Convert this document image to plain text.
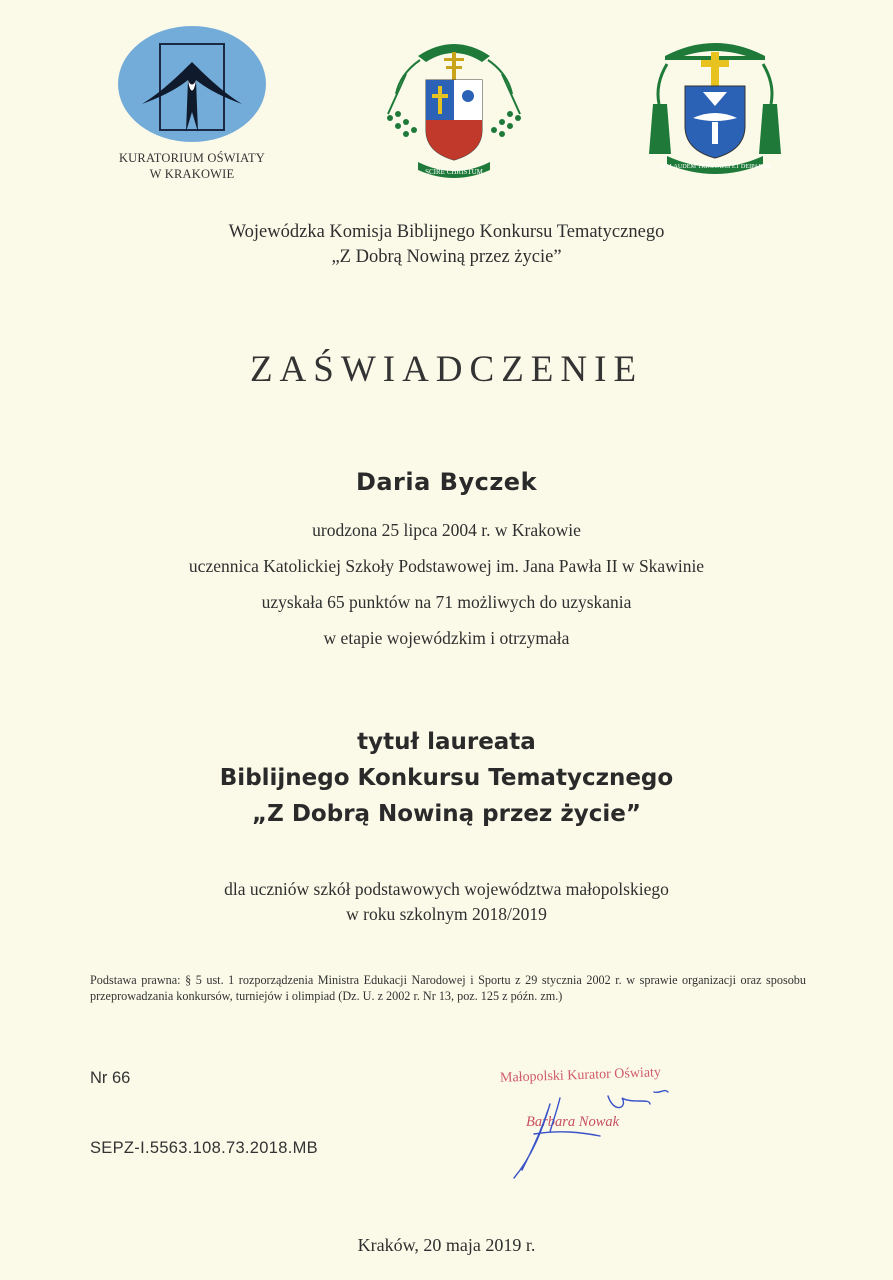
KURATORIUM OŚWIATY
W KRAKOWIE	SCIRE CHRISTUM
AD LAUDEM TRINITATIS ET DEIPARAE
Wojewódzka Komisja Biblijnego Konkursu Tematycznego
„Z Dobrą Nowiną przez życie”
ZAŚWIADCZENIE
Daria Byczek
urodzona 25 lipca 2004 r. w Krakowie
uczennica Katolickiej Szkoły Podstawowej im. Jana Pawła II w Skawinie
uzyskała 65 punktów na 71 możliwych do uzyskania
w etapie wojewódzkim i otrzymała
tytuł laureata
Biblijnego Konkursu Tematycznego
„Z Dobrą Nowiną przez życie”
dla uczniów szkół podstawowych województwa małopolskiego
w roku szkolnym 2018/2019
Podstawa prawna: § 5 ust. 1 rozporządzenia Ministra Edukacji Narodowej i Sportu z 29 stycznia 2002 r. w sprawie organizacji oraz sposobu przeprowadzania konkursów, turniejów i olimpiad (Dz. U. z 2002 r. Nr 13, poz. 125 z późn. zm.)
Nr 66
SEPZ-I.5563.108.73.2018.MB
Małopolski Kurator Oświaty
Barbara Nowak
Kraków, 20 maja 2019 r.
